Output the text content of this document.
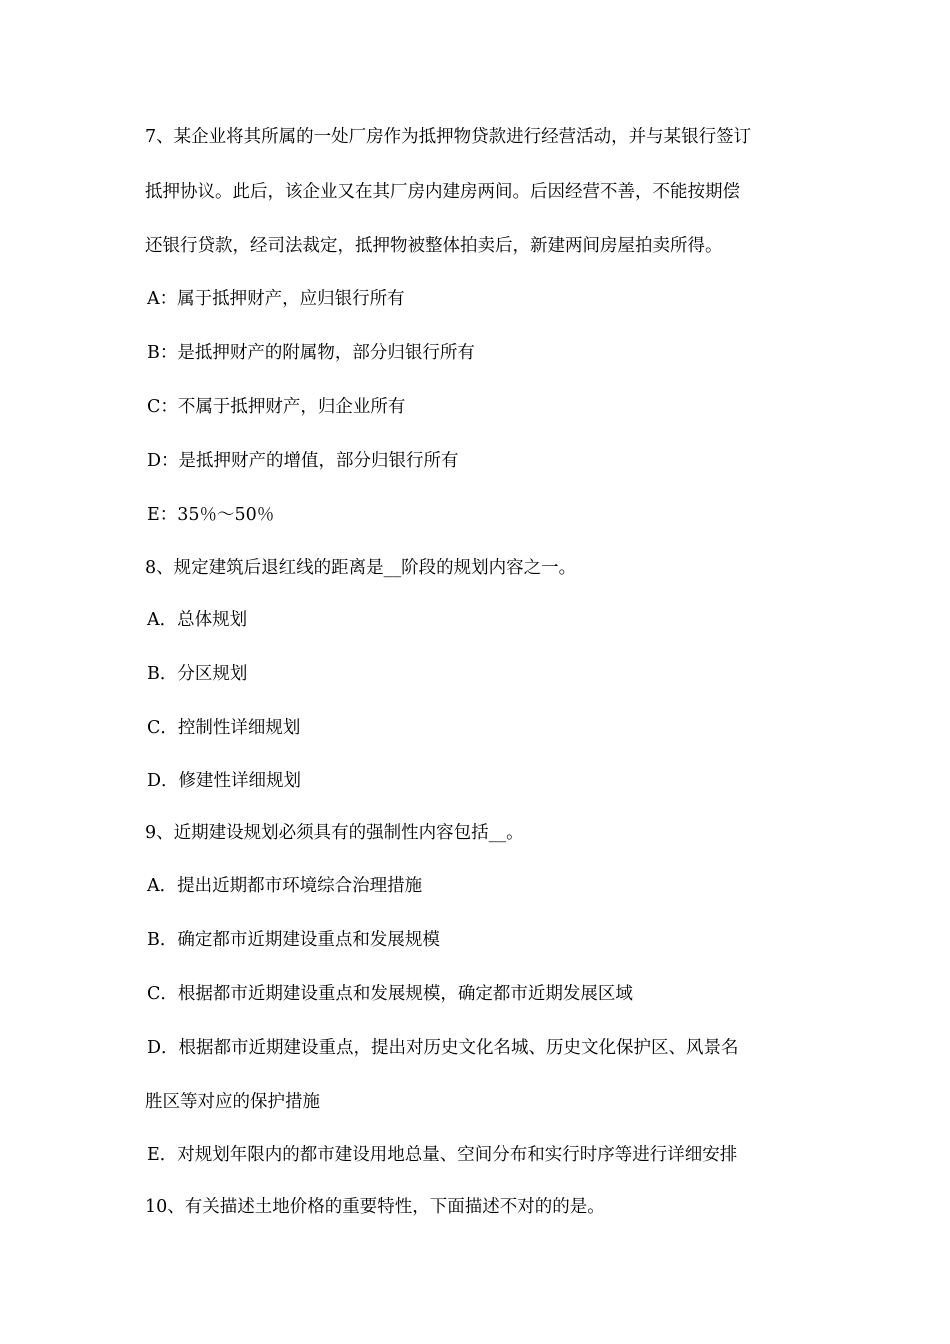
7、某企业将其所属的一处厂房作为抵押物贷款进行经营活动，并与某银行签订
抵押协议。此后，该企业又在其厂房内建房两间。后因经营不善，不能按期偿
还银行贷款，经司法裁定，抵押物被整体拍卖后，新建两间房屋拍卖所得。
A：属于抵押财产，应归银行所有
B：是抵押财产的附属物，部分归银行所有
C：不属于抵押财产，归企业所有
D：是抵押财产的增值，部分归银行所有
E：35％～50％
8、规定建筑后退红线的距离是__阶段的规划内容之一。
A．总体规划
B．分区规划
C．控制性详细规划
D．修建性详细规划
9、近期建设规划必须具有的强制性内容包括__。
A．提出近期都市环境综合治理措施
B．确定都市近期建设重点和发展规模
C．根据都市近期建设重点和发展规模，确定都市近期发展区域
D．根据都市近期建设重点，提出对历史文化名城、历史文化保护区、风景名
胜区等对应的保护措施
E．对规划年限内的都市建设用地总量、空间分布和实行时序等进行详细安排
10、有关描述土地价格的重要特性，下面描述不对的的是。
